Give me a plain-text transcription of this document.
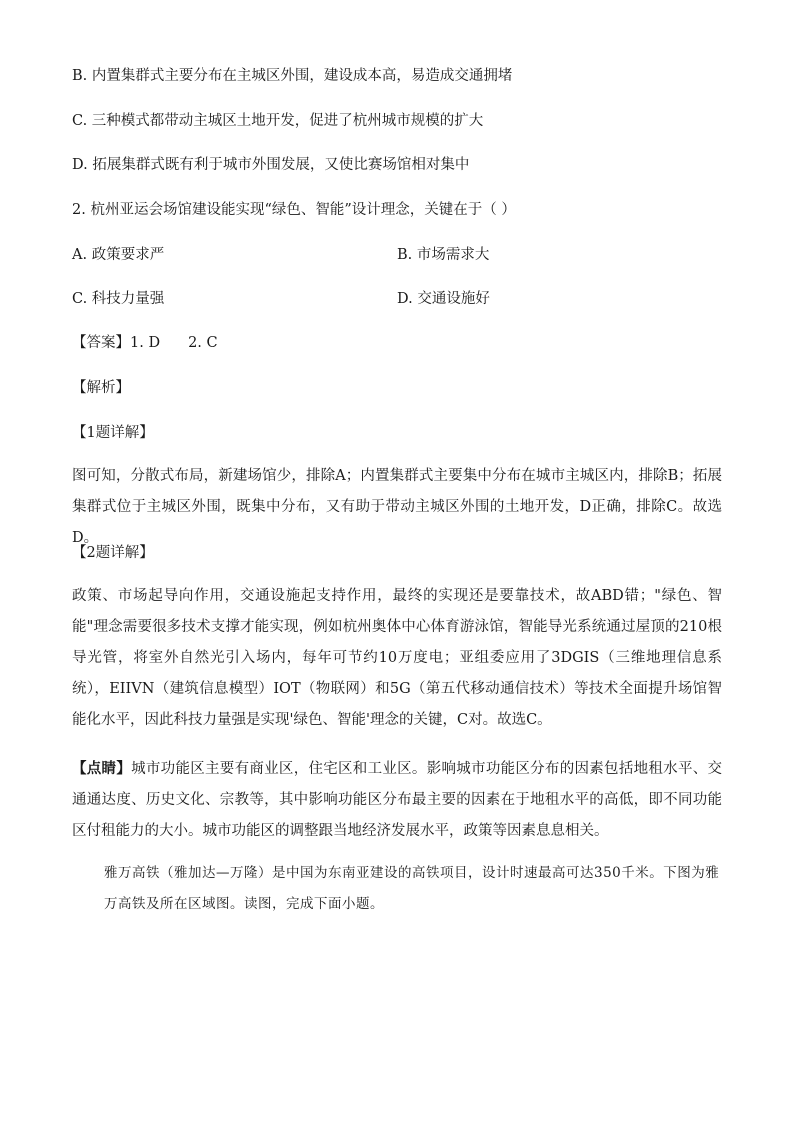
B. 内置集群式主要分布在主城区外围，建设成本高，易造成交通拥堵
C. 三种模式都带动主城区土地开发，促进了杭州城市规模的扩大
D. 拓展集群式既有利于城市外围发展，又使比赛场馆相对集中
2. 杭州亚运会场馆建设能实现“绿色、智能”设计理念，关键在于（ ）
A. 政策要求严	B. 市场需求大
C. 科技力量强	D. 交通设施好
【答案】1. D 2. C
【解析】
【1题详解】
图可知，分散式布局，新建场馆少，排除A；内置集群式主要集中分布在城市主城区内，排除B；拓展集群式位于主城区外围，既集中分布，又有助于带动主城区外围的土地开发，D正确，排除C。故选D。
【2题详解】
政策、市场起导向作用，交通设施起支持作用，最终的实现还是要靠技术，故ABD错；"绿色、智能"理念需要很多技术支撑才能实现，例如杭州奥体中心体育游泳馆，智能导光系统通过屋顶的210根导光管，将室外自然光引入场内，每年可节约10万度电；亚组委应用了3DGIS（三维地理信息系统），EIIVN（建筑信息模型）IOT（物联网）和5G（第五代移动通信技术）等技术全面提升场馆智能化水平，因此科技力量强是实现'绿色、智能'理念的关键，C对。故选C。
【点睛】城市功能区主要有商业区，住宅区和工业区。影响城市功能区分布的因素包括地租水平、交通通达度、历史文化、宗教等，其中影响功能区分布最主要的因素在于地租水平的高低，即不同功能区付租能力的大小。城市功能区的调整跟当地经济发展水平，政策等因素息息相关。
雅万高铁（雅加达—万隆）是中国为东南亚建设的高铁项目，设计时速最高可达350千米。下图为雅万高铁及所在区域图。读图，完成下面小题。
